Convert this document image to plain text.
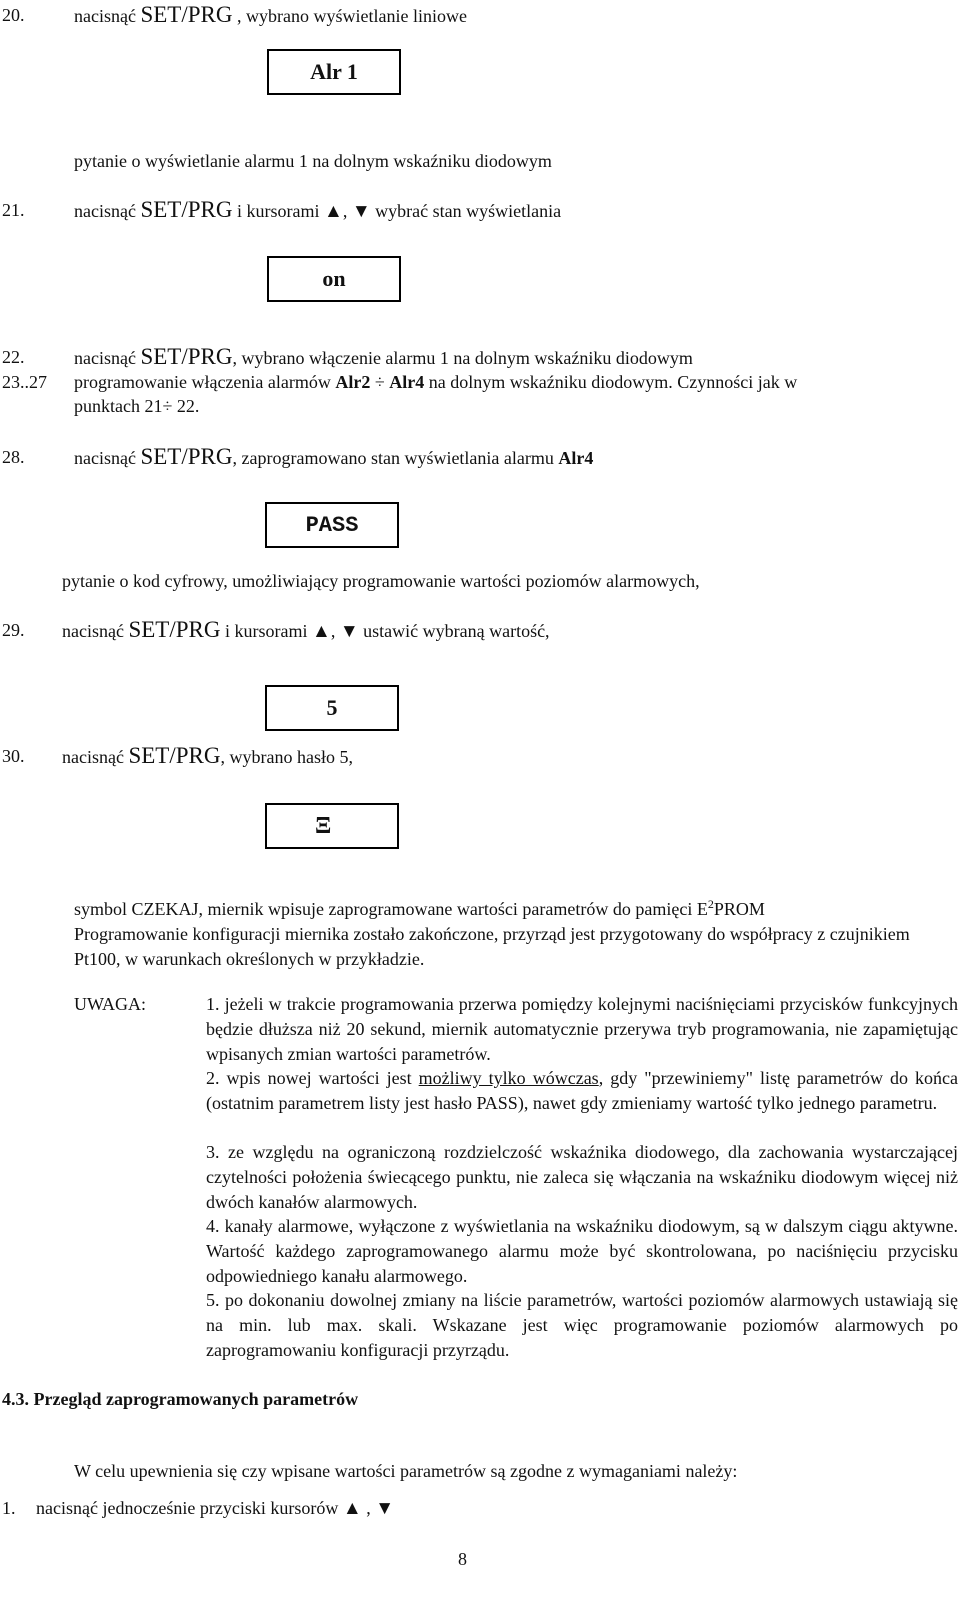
20.	nacisnąć SET/PRG , wybrano wyświetlanie liniowe
Alr 1
pytanie o wyświetlanie alarmu 1 na dolnym wskaźniku diodowym
21.	nacisnąć SET/PRG i kursorami ▲, ▼ wybrać stan wyświetlania
on
22.	nacisnąć SET/PRG, wybrano włączenie alarmu 1 na dolnym wskaźniku diodowym
23..27 programowanie włączenia alarmów Alr2 ÷ Alr4 na dolnym wskaźniku diodowym. Czynności jak w
punktach 21÷ 22.
28.	nacisnąć SET/PRG, zaprogramowano stan wyświetlania alarmu Alr4
PASS
pytanie o kod cyfrowy, umożliwiający programowanie wartości poziomów alarmowych,
29. nacisnąć SET/PRG i kursorami ▲, ▼ ustawić wybraną wartość,
5
30. nacisnąć SET/PRG, wybrano hasło 5,
Ξ
symbol CZEKAJ, miernik wpisuje zaprogramowane wartości parametrów do pamięci $E^2PROM$
Programowanie konfiguracji miernika zostało zakończone, przyrząd jest przygotowany do współpracy z czujnikiem Pt100, w warunkach określonych w przykładzie.
UWAGA:	1. jeżeli w trakcie programowania przerwa pomiędzy kolejnymi naciśnięciami przycisków funkcyjnych będzie dłuższa niż 20 sekund, miernik automatycznie przerywa tryb programowania, nie zapamiętując wpisanych zmian wartości parametrów.
2. wpis nowej wartości jest możliwy tylko wówczas, gdy "przewiniemy" listę parametrów do końca (ostatnim parametrem listy jest hasło PASS), nawet gdy zmieniamy wartość tylko jednego parametru.
3. ze względu na ograniczoną rozdzielczość wskaźnika diodowego, dla zachowania wystarczającej czytelności położenia świecącego punktu, nie zaleca się włączania na wskaźniku diodowym więcej niż dwóch kanałów alarmowych.
4. kanały alarmowe, wyłączone z wyświetlania na wskaźniku diodowym, są w dalszym ciągu aktywne. Wartość każdego zaprogramowanego alarmu może być skontrolowana, po naciśnięciu przycisku odpowiedniego kanału alarmowego.
5. po dokonaniu dowolnej zmiany na liście parametrów, wartości poziomów alarmowych ustawiają się na min. lub max. skali. Wskazane jest więc programowanie poziomów alarmowych po zaprogramowaniu konfiguracji przyrządu.
4.3. Przegląd zaprogramowanych parametrów
W celu upewnienia się czy wpisane wartości parametrów są zgodne z wymaganiami należy:
1. nacisnąć jednocześnie przyciski kursorów ▲ , ▼
8
